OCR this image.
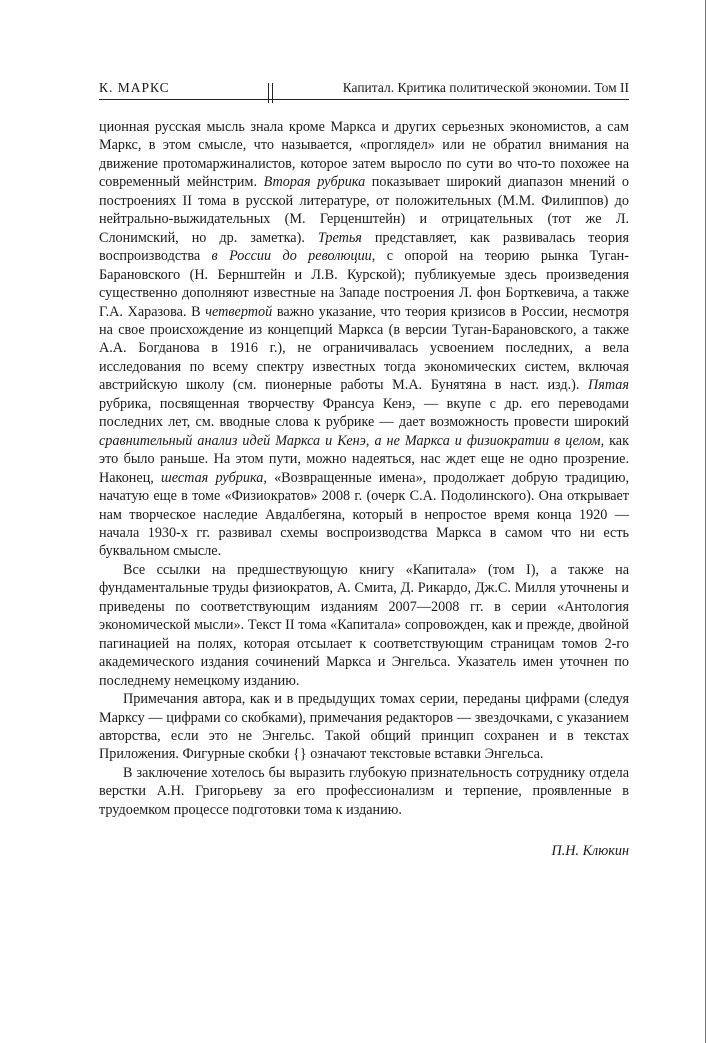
К. МАРКС	Капитал. Критика политической экономии. Том II

ционная русская мысль знала кроме Маркса и других серьезных экономистов, а сам Маркс, в этом смысле, что называется, «проглядел» или не обратил внимания на движение протомаржиналистов, которое затем выросло по сути во что-то похожее на современный мейнстрим. Вторая рубрика показывает широкий диапазон мнений о построениях II тома в русской литературе, от положительных (М.М. Филиппов) до нейтрально-выжидательных (М. Герценштейн) и отрицательных (тот же Л. Слонимский, но др. заметка). Третья представляет, как развивалась теория воспроизводства в России до революции, с опорой на теорию рынка Туган-Барановского (Н. Бернштейн и Л.В. Курской); публикуемые здесь произведения существенно дополняют известные на Западе построения Л. фон Борткевича, а также Г.А. Харазова. В четвертой важно указание, что теория кризисов в России, несмотря на свое происхождение из концепций Маркса (в версии Туган-Барановского, а также А.А. Богданова в 1916 г.), не ограничивалась усвоением последних, а вела исследования по всему спектру известных тогда экономических систем, включая австрийскую школу (см. пионерные работы М.А. Бунятяна в наст. изд.). Пятая рубрика, посвященная творчеству Франсуа Кенэ, — вкупе с др. его переводами последних лет, см. вводные слова к рубрике — дает возможность провести широкий сравнительный анализ идей Маркса и Кенэ, а не Маркса и физиократии в целом, как это было раньше. На этом пути, можно надеяться, нас ждет еще не одно прозрение. Наконец, шестая рубрика, «Возвращенные имена», продолжает добрую традицию, начатую еще в томе «Физиократов» 2008 г. (очерк С.А. Подолинского). Она открывает нам творческое наследие Авдалбегяна, который в непростое время конца 1920 — начала 1930-х гг. развивал схемы воспроизводства Маркса в самом что ни есть буквальном смысле.

Все ссылки на предшествующую книгу «Капитала» (том I), а также на фундаментальные труды физиократов, А. Смита, Д. Рикардо, Дж.С. Милля уточнены и приведены по соответствующим изданиям 2007—2008 гг. в серии «Антология экономической мысли». Текст II тома «Капитала» сопровожден, как и прежде, двойной пагинацией на полях, которая отсылает к соответствующим страницам томов 2-го академического издания сочинений Маркса и Энгельса. Указатель имен уточнен по последнему немецкому изданию.

Примечания автора, как и в предыдущих томах серии, переданы цифрами (следуя Марксу — цифрами со скобками), примечания редакторов — звездочками, с указанием авторства, если это не Энгельс. Такой общий принцип сохранен и в текстах Приложения. Фигурные скобки {} означают текстовые вставки Энгельса.

В заключение хотелось бы выразить глубокую признательность сотруднику отдела верстки А.Н. Григорьеву за его профессионализм и терпение, проявленные в трудоемком процессе подготовки тома к изданию.

П.Н. Клюкин
